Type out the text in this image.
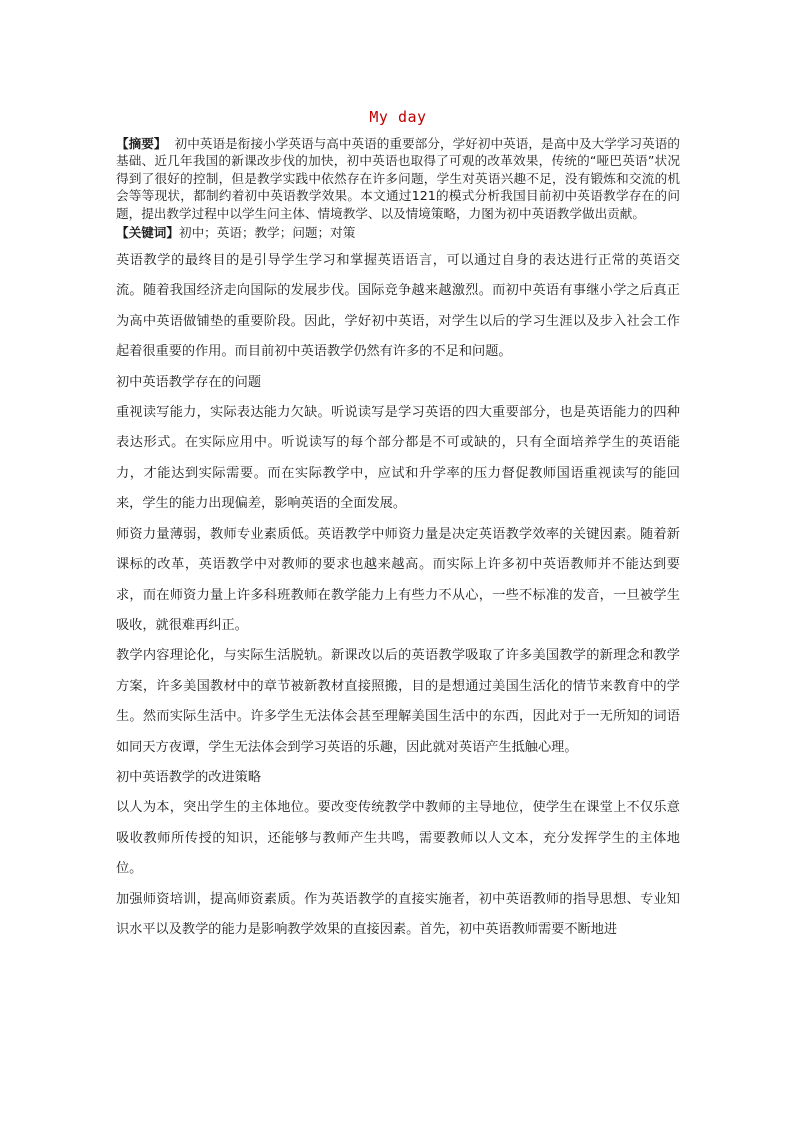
My day

【摘要】  初中英语是衔接小学英语与高中英语的重要部分，学好初中英语，是高中及大学学习英语的基础、近几年我国的新课改步伐的加快，初中英语也取得了可观的改革效果，传统的“哑巴英语”状况得到了很好的控制，但是教学实践中依然存在许多问题，学生对英语兴趣不足，没有锻炼和交流的机会等等现状，都制约着初中英语教学效果。本文通过121的模式分析我国目前初中英语教学存在的问题，提出教学过程中以学生问主体、情境教学、以及情境策略，力图为初中英语教学做出贡献。

【关键词】初中；英语；教学；问题；对策

英语教学的最终目的是引导学生学习和掌握英语语言，可以通过自身的表达进行正常的英语交流。随着我国经济走向国际的发展步伐。国际竞争越来越激烈。而初中英语有事继小学之后真正为高中英语做铺垫的重要阶段。因此，学好初中英语，对学生以后的学习生涯以及步入社会工作起着很重要的作用。而目前初中英语教学仍然有许多的不足和问题。

初中英语教学存在的问题

重视读写能力，实际表达能力欠缺。听说读写是学习英语的四大重要部分，也是英语能力的四种表达形式。在实际应用中。听说读写的每个部分都是不可或缺的，只有全面培养学生的英语能力，才能达到实际需要。而在实际教学中，应试和升学率的压力督促教师国语重视读写的能回来，学生的能力出现偏差，影响英语的全面发展。

师资力量薄弱，教师专业素质低。英语教学中师资力量是决定英语教学效率的关键因素。随着新课标的改革，英语教学中对教师的要求也越来越高。而实际上许多初中英语教师并不能达到要求，而在师资力量上许多科班教师在教学能力上有些力不从心，一些不标准的发音，一旦被学生吸收，就很难再纠正。

教学内容理论化，与实际生活脱轨。新课改以后的英语教学吸取了许多美国教学的新理念和教学方案，许多美国教材中的章节被新教材直接照搬，目的是想通过美国生活化的情节来教育中的学生。然而实际生活中。许多学生无法体会甚至理解美国生活中的东西，因此对于一无所知的词语如同天方夜谭，学生无法体会到学习英语的乐趣，因此就对英语产生抵触心理。

初中英语教学的改进策略

以人为本，突出学生的主体地位。要改变传统教学中教师的主导地位，使学生在课堂上不仅乐意吸收教师所传授的知识，还能够与教师产生共鸣，需要教师以人文本，充分发挥学生的主体地位。

加强师资培训，提高师资素质。作为英语教学的直接实施者，初中英语教师的指导思想、专业知识水平以及教学的能力是影响教学效果的直接因素。首先，初中英语教师需要不断地进
